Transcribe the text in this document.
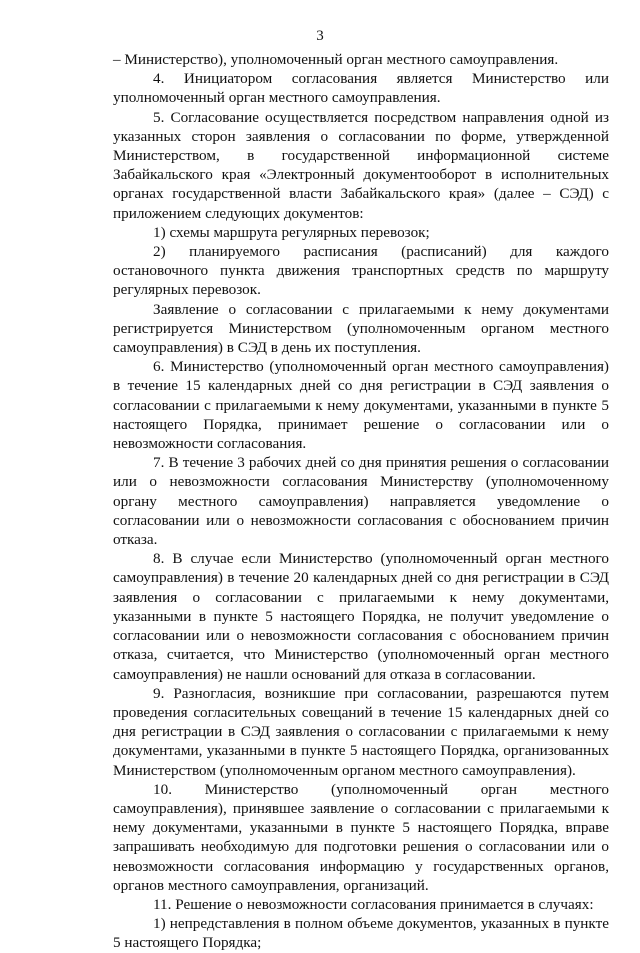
3

– Министерство), уполномоченный орган местного самоуправления.

4. Инициатором согласования является Министерство или уполномоченный орган местного самоуправления.

5. Согласование осуществляется посредством направления одной из указанных сторон заявления о согласовании по форме, утвержденной Министерством, в государственной информационной системе Забайкальского края «Электронный документооборот в исполнительных органах государственной власти Забайкальского края» (далее – СЭД) с приложением следующих документов:

1) схемы маршрута регулярных перевозок;

2) планируемого расписания (расписаний) для каждого остановочного пункта движения транспортных средств по маршруту регулярных перевозок.

Заявление о согласовании с прилагаемыми к нему документами регистрируется Министерством (уполномоченным органом местного самоуправления) в СЭД в день их поступления.

6. Министерство (уполномоченный орган местного самоуправления) в течение 15 календарных дней со дня регистрации в СЭД заявления о согласовании с прилагаемыми к нему документами, указанными в пункте 5 настоящего Порядка, принимает решение о согласовании или о невозможности согласования.

7. В течение 3 рабочих дней со дня принятия решения о согласовании или о невозможности согласования Министерству (уполномоченному органу местного самоуправления) направляется уведомление о согласовании или о невозможности согласования с обоснованием причин отказа.

8. В случае если Министерство (уполномоченный орган местного самоуправления) в течение 20 календарных дней со дня регистрации в СЭД заявления о согласовании с прилагаемыми к нему документами, указанными в пункте 5 настоящего Порядка, не получит уведомление о согласовании или о невозможности согласования с обоснованием причин отказа, считается, что Министерство (уполномоченный орган местного самоуправления) не нашли оснований для отказа в согласовании.

9. Разногласия, возникшие при согласовании, разрешаются путем проведения согласительных совещаний в течение 15 календарных дней со дня регистрации в СЭД заявления о согласовании с прилагаемыми к нему документами, указанными в пункте 5 настоящего Порядка, организованных Министерством (уполномоченным органом местного самоуправления).

10. Министерство (уполномоченный орган местного самоуправления), принявшее заявление о согласовании с прилагаемыми к нему документами, указанными в пункте 5 настоящего Порядка, вправе запрашивать необходимую для подготовки решения о согласовании или о невозможности согласования информацию у государственных органов, органов местного самоуправления, организаций.

11. Решение о невозможности согласования принимается в случаях:

1) непредставления в полном объеме документов, указанных в пункте 5 настоящего Порядка;
